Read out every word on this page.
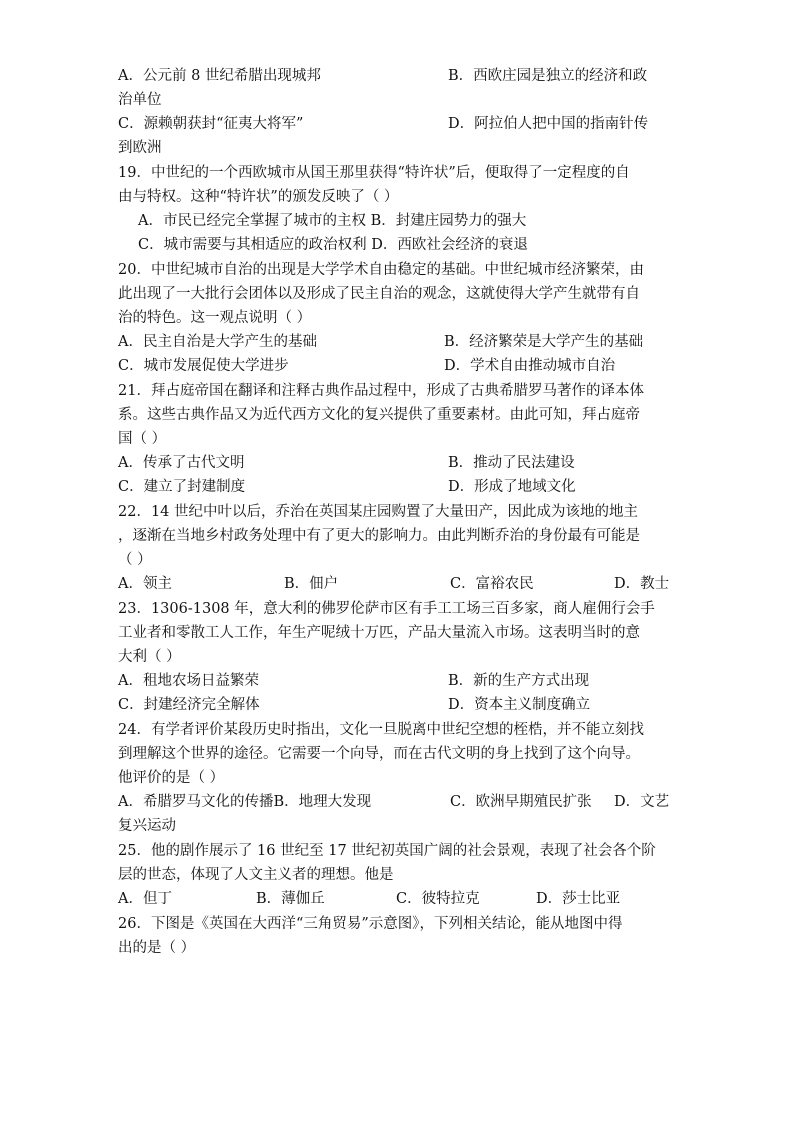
A．公元前 8 世纪希腊出现城邦	B．西欧庄园是独立的经济和政
治单位
C．源赖朝获封“征夷大将军”	D．阿拉伯人把中国的指南针传
到欧洲
19．中世纪的一个西欧城市从国王那里获得“特许状”后，便取得了一定程度的自
由与特权。这种“特许状”的颁发反映了（ ）
A．市民已经完全掌握了城市的主权 B．封建庄园势力的强大
C．城市需要与其相适应的政治权利 D．西欧社会经济的衰退
20．中世纪城市自治的出现是大学学术自由稳定的基础。中世纪城市经济繁荣，由
此出现了一大批行会团体以及形成了民主自治的观念，这就使得大学产生就带有自
治的特色。这一观点说明（ ）
A．民主自治是大学产生的基础	B．经济繁荣是大学产生的基础
C．城市发展促使大学进步	D．学术自由推动城市自治
21．拜占庭帝国在翻译和注释古典作品过程中，形成了古典希腊罗马著作的译本体
系。这些古典作品又为近代西方文化的复兴提供了重要素材。由此可知，拜占庭帝
国（ ）
A．传承了古代文明	B．推动了民法建设
C．建立了封建制度	D．形成了地域文化
22．14 世纪中叶以后，乔治在英国某庄园购置了大量田产，因此成为该地的地主
，逐渐在当地乡村政务处理中有了更大的影响力。由此判断乔治的身份最有可能是
（ ）
A．领主	B．佃户	C．富裕农民	D．教士
23．1306-1308 年，意大利的佛罗伦萨市区有手工工场三百多家，商人雇佣行会手
工业者和零散工人工作，年生产呢绒十万匹，产品大量流入市场。这表明当时的意
大利（ ）
A．租地农场日益繁荣	B．新的生产方式出现
C．封建经济完全解体	D．资本主义制度确立
24．有学者评价某段历史时指出，文化一旦脱离中世纪空想的桎梏，并不能立刻找
到理解这个世界的途径。它需要一个向导，而在古代文明的身上找到了这个向导。
他评价的是（ ）
A．希腊罗马文化的传播B．地理大发现	C．欧洲早期殖民扩张 D．文艺
复兴运动
25．他的剧作展示了 16 世纪至 17 世纪初英国广阔的社会景观，表现了社会各个阶
层的世态，体现了人文主义者的理想。他是
A．但丁	B．薄伽丘	C．彼特拉克	D．莎士比亚
26．下图是《英国在大西洋“三角贸易”示意图》，下列相关结论，能从地图中得
出的是（ ）
